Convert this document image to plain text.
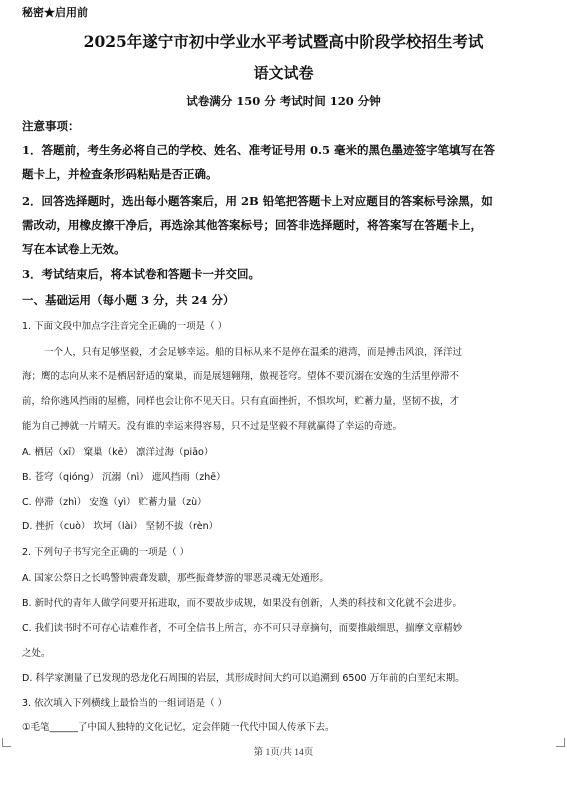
秘密★启用前
2025年遂宁市初中学业水平考试暨高中阶段学校招生考试
语文试卷
试卷满分 150 分 考试时间 120 分钟
注意事项：
1．答题前，考生务必将自己的学校、姓名、准考证号用 0.5 毫米的黑色墨迹签字笔填写在答
题卡上，并检查条形码粘贴是否正确。
2．回答选择题时，选出每小题答案后，用 2B 铅笔把答题卡上对应题目的答案标号涂黑，如
需改动，用橡皮擦干净后，再选涂其他答案标号；回答非选择题时，将答案写在答题卡上，
写在本试卷上无效。
3．考试结束后，将本试卷和答题卡一并交回。
一、基础运用（每小题 3 分，共 24 分）
1. 下面文段中加点字注音完全正确的一项是（ ）
一个人，只有足够坚毅，才会足够幸运。船的目标从来不是停在温柔的港湾，而是搏击风浪，泽洋过
海；鹰的志向从来不是栖居舒适的窠巢，而是展翅翱翔，傲视苍穹。望体不要沉溺在安逸的生活里停滞不
前，给你逃风挡雨的屋檐，同样也会让你不见天日。只有直面挫折，不惧坎坷，贮蓄力量，坚韧不拔，才
能为自己搏就一片晴天。没有谁的幸运来得容易，只不过是坚毅不拜就赢得了幸运的奇迹。
A. 栖居（xī） 窠巢（kē） 凛洋过海（piāo）
B. 苍穹（qióng） 沉溺（nì） 遮风挡雨（zhē）
C. 停滞（zhì） 安逸（yì） 贮蓄力量（zù）
D. 挫折（cuò） 坎坷（lài） 坚韧不拔（rèn）
2. 下列句子书写完全正确的一项是（ ）
A. 国家公祭日之长鸣警钟震聋发聩，那些振聋梦游的罪恶灵魂无处遁形。
B. 新时代的青年人做学问要开拓进取，而不要故步成规，如果没有创新，人类的科技和文化就不会进步。
C. 我们读书时不可存心诘难作者，不可全信书上所言，亦不可只寻章摘句，而要推敲细思，揣摩文章精妙
之处。
D. 科学家测量了已发现的恐龙化石周围的岩层，其形成时间大约可以追溯到 6500 万年前的白垩纪末期。
3. 依次填入下列横线上最恰当的一组词语是（ ）
①毛笔______了中国人独特的文化记忆，定会伴随一代代中国人传承下去。
第 1页/共 14页
